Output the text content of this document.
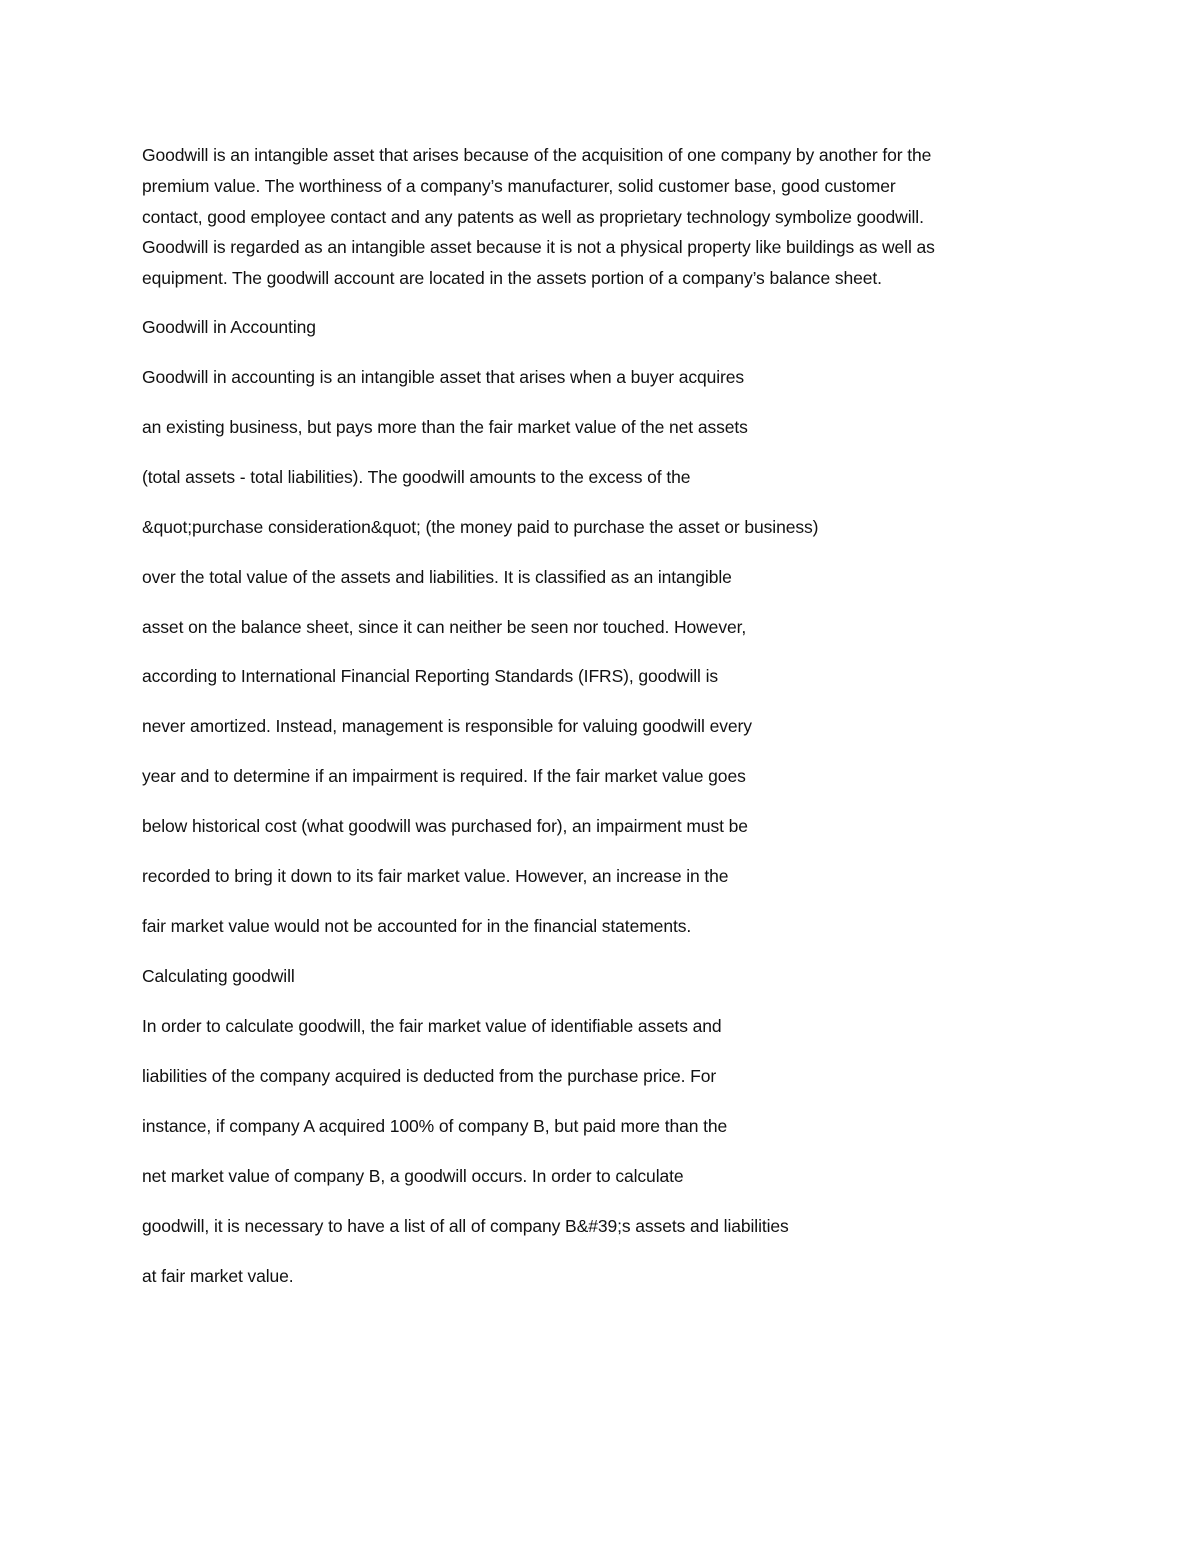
Goodwill is an intangible asset that arises because of the acquisition of one company by another for the

premium value. The worthiness of a company’s manufacturer, solid customer base, good customer

contact, good employee contact and any patents as well as proprietary technology symbolize goodwill.

Goodwill is regarded as an intangible asset because it is not a physical property like buildings as well as

equipment. The goodwill account are located in the assets portion of a company’s balance sheet.

Goodwill in Accounting

Goodwill in accounting is an intangible asset that arises when a buyer acquires

an existing business, but pays more than the fair market value of the net assets

(total assets - total liabilities). The goodwill amounts to the excess of the

&quot;purchase consideration&quot; (the money paid to purchase the asset or business)

over the total value of the assets and liabilities. It is classified as an intangible

asset on the balance sheet, since it can neither be seen nor touched. However,

according to International Financial Reporting Standards (IFRS), goodwill is

never amortized. Instead, management is responsible for valuing goodwill every

year and to determine if an impairment is required. If the fair market value goes

below historical cost (what goodwill was purchased for), an impairment must be

recorded to bring it down to its fair market value. However, an increase in the

fair market value would not be accounted for in the financial statements.

Calculating goodwill

In order to calculate goodwill, the fair market value of identifiable assets and

liabilities of the company acquired is deducted from the purchase price. For

instance, if company A acquired 100% of company B, but paid more than the

net market value of company B, a goodwill occurs. In order to calculate

goodwill, it is necessary to have a list of all of company B&#39;s assets and liabilities

at fair market value.
